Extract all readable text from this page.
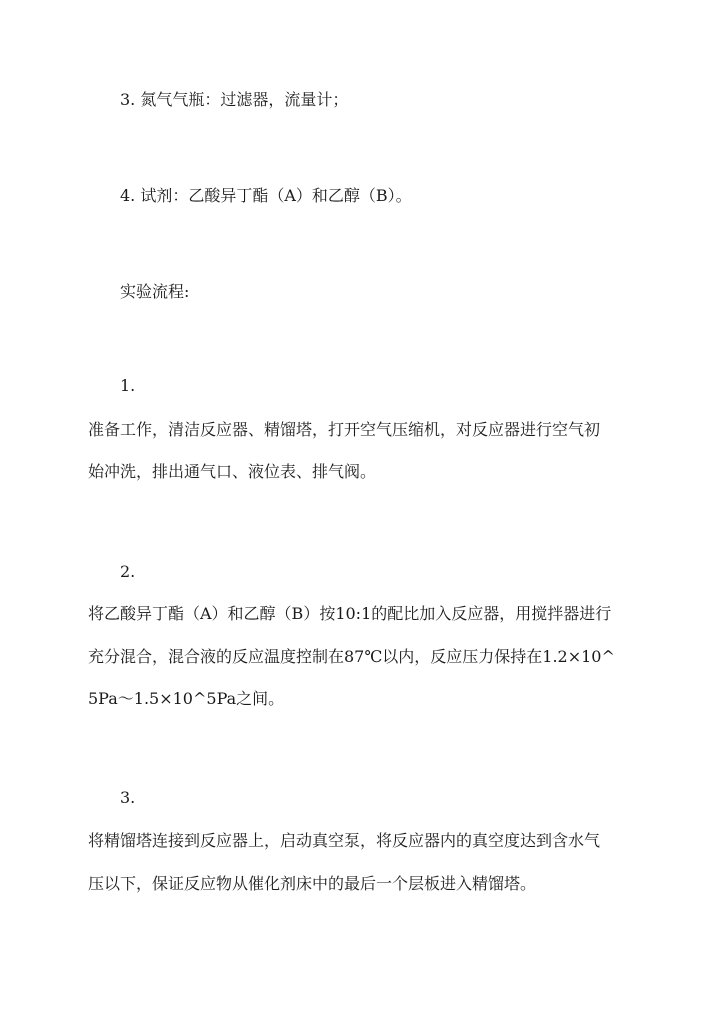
3. 氮气气瓶：过滤器，流量计；
4. 试剂：乙酸异丁酯（A）和乙醇（B）。
实验流程:
1.
准备工作，清洁反应器、精馏塔，打开空气压缩机，对反应器进行空气初
始冲洗，排出通气口、液位表、排气阀。
2.
将乙酸异丁酯（A）和乙醇（B）按10:1的配比加入反应器，用搅拌器进行
充分混合，混合液的反应温度控制在87℃以内，反应压力保持在1.2×10^
5Pa～1.5×10^5Pa之间。
3.
将精馏塔连接到反应器上，启动真空泵，将反应器内的真空度达到含水气
压以下，保证反应物从催化剂床中的最后一个层板进入精馏塔。
